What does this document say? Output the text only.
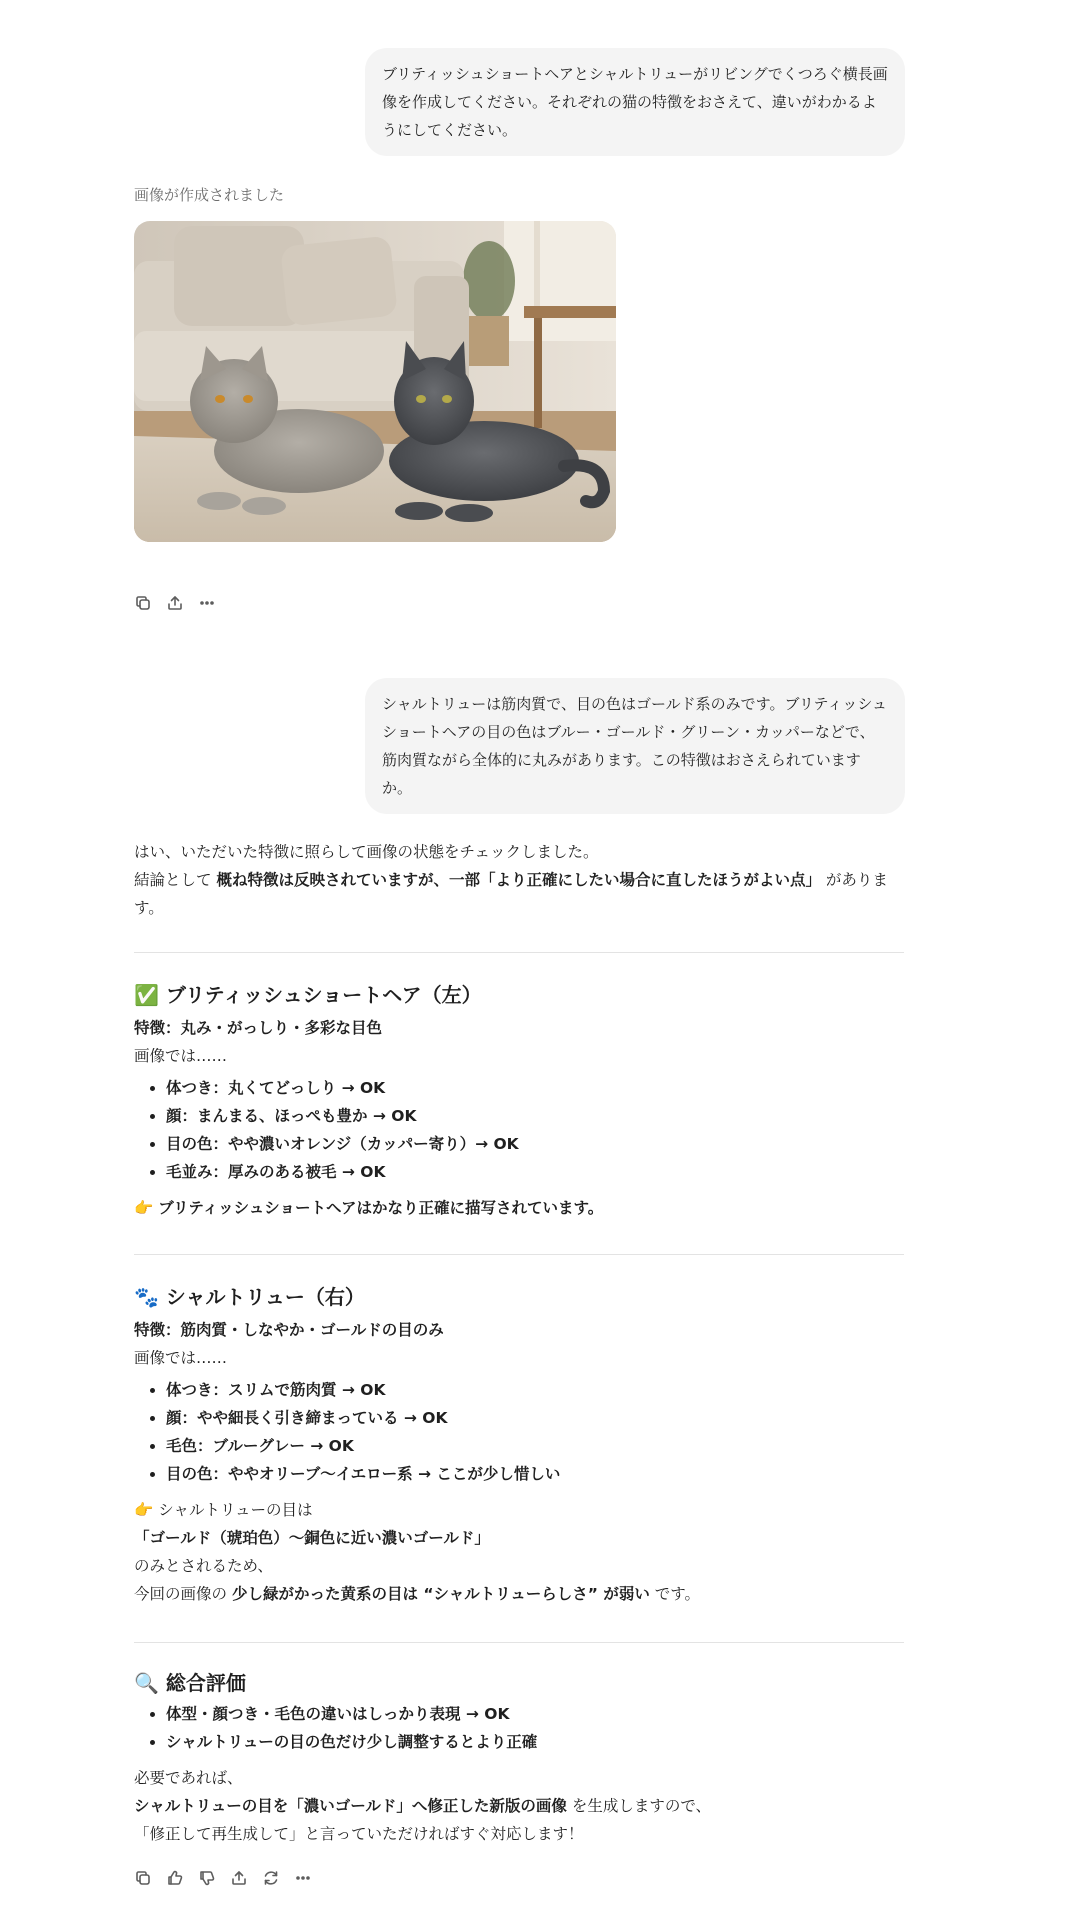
ブリティッシュショートヘアとシャルトリューがリビングでくつろぐ横長画像を作成してください。それぞれの猫の特徴をおさえて、違いがわかるようにしてください。

画像が作成されました

シャルトリューは筋肉質で、目の色はゴールド系のみです。ブリティッシュショートヘアの目の色はブルー・ゴールド・グリーン・カッパーなどで、筋肉質ながら全体的に丸みがあります。この特徴はおさえられていますか。

はい、いただいた特徴に照らして画像の状態をチェックしました。

結論として 概ね特徴は反映されていますが、一部「より正確にしたい場合に直したほうがよい点」 があります。

✅ ブリティッシュショートヘア（左）

特徴：丸み・がっしり・多彩な目色

画像では……

• 体つき：丸くてどっしり → OK
• 顔：まんまる、ほっぺも豊か → OK
• 目の色：やや濃いオレンジ（カッパー寄り）→ OK
• 毛並み：厚みのある被毛 → OK

👉 ブリティッシュショートヘアはかなり正確に描写されています。

🐾 シャルトリュー（右）

特徴：筋肉質・しなやか・ゴールドの目のみ

画像では……

• 体つき：スリムで筋肉質 → OK
• 顔：やや細長く引き締まっている → OK
• 毛色：ブルーグレー → OK
• 目の色：ややオリーブ〜イエロー系 → ここが少し惜しい

👉 シャルトリューの目は

「ゴールド（琥珀色）〜銅色に近い濃いゴールド」

のみとされるため、

今回の画像の 少し緑がかった黄系の目は “シャルトリューらしさ” が弱い です。

🔍 総合評価
• 体型・顔つき・毛色の違いはしっかり表現 → OK
• シャルトリューの目の色だけ少し調整するとより正確

必要であれば、

シャルトリューの目を「濃いゴールド」へ修正した新版の画像 を生成しますので、

「修正して再生成して」と言っていただければすぐ対応します！
